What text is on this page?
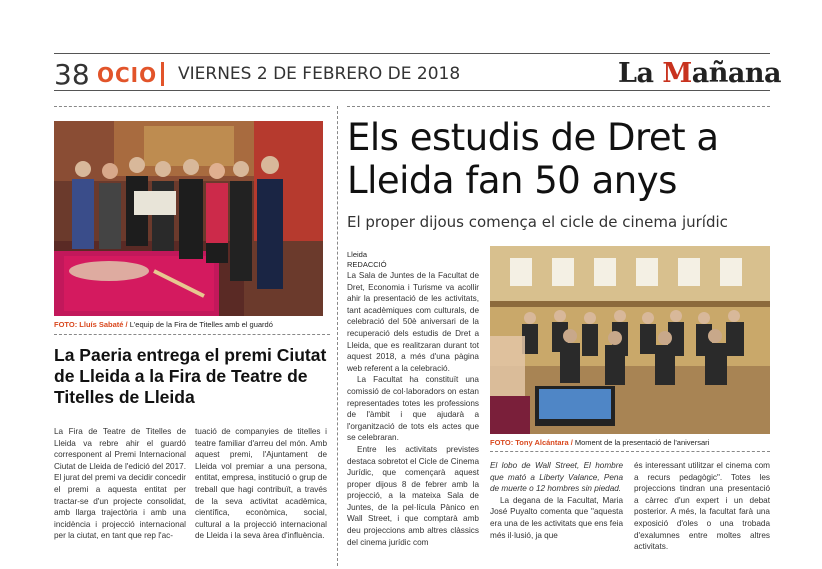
38 OCIO VIERNES 2 DE FEBRERO DE 2018	La Mañana
FOTO: Lluís Sabaté / L'equip de la Fira de Titelles amb el guardó
La Paeria entrega el premi Ciutat de Lleida a la Fira de Teatre de Titelles de Lleida

La Fira de Teatre de Titelles de Lleida va rebre ahir el guardó corresponent al Premi Internacional Ciutat de Lleida de l'edició del 2017. El jurat del premi va decidir concedir el premi a aquesta entitat per tractar-se d'un projecte consolidat, amb llarga trajectòria i amb una incidència i projecció internacional per la ciutat, en tant que rep l'ac-

tuació de companyies de titelles i teatre familiar d'arreu del món. Amb aquest premi, l'Ajuntament de Lleida vol premiar a una persona, entitat, empresa, institució o grup de treball que hagi contribuït, a través de la seva activitat acadèmica, científica, econòmica, social, cultural a la projecció internacional de Lleida i la seva àrea d'influència.

Els estudis de Dret a Lleida fan 50 anys
El proper dijous comença el cicle de cinema jurídic
Lleida
REDACCIÓ

La Sala de Juntes de la Facultat de Dret, Economia i Turisme va acollir ahir la presentació de les activitats, tant acadèmiques com culturals, de celebració del 50è aniversari de la recuperació dels estudis de Dret a Lleida, que es realitzaran durant tot aquest 2018, a més d'una pàgina web referent a la celebració.

La Facultat ha constituït una comissió de col·laboradors on estan representades totes les professions de l'àmbit i que ajudarà a l'organització de tots els actes que se celebraran.

Entre les activitats previstes destaca sobretot el Cicle de Cinema Jurídic, que començarà aquest proper dijous 8 de febrer amb la projecció, a la mateixa Sala de Juntes, de la pel·lícula Pànico en Wall Street, i que comptarà amb deu projeccions amb altres clàssics del cinema jurídic com

FOTO: Tony Alcántara / Moment de la presentació de l'aniversari

El lobo de Wall Street, El hombre que mató a Liberty Valance, Pena de muerte o 12 hombres sin piedad.

La degana de la Facultat, Maria José Puyalto comenta que "aquesta era una de les activitats que ens feia més il·lusió, ja que

és interessant utilitzar el cinema com a recurs pedagògic". Totes les projeccions tindran una presentació a càrrec d'un expert i un debat posterior. A més, la facultat farà una exposició d'oles o una trobada d'exalumnes entre moltes altres activitats.
